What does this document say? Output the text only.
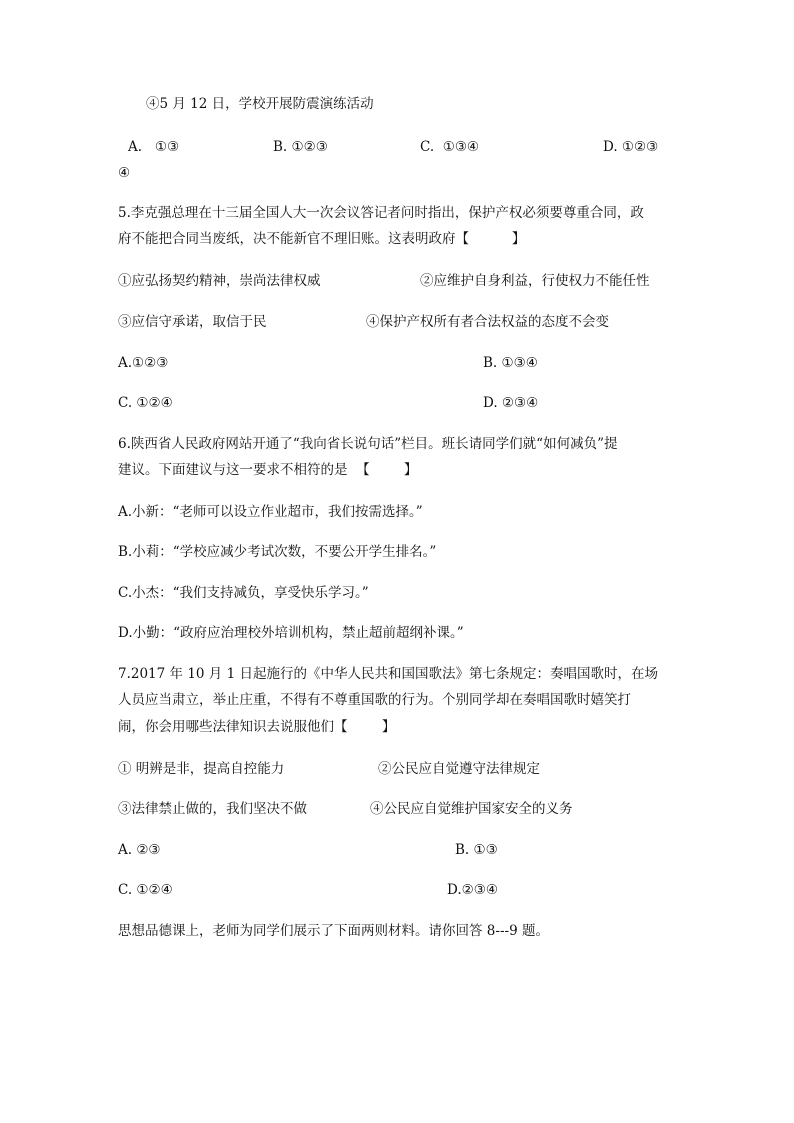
④5 月 12 日，学校开展防震演练活动
A.   ①③	B. ①②③	C.  ①③④	D. ①②③
④
5.李克强总理在十三届全国人大一次会议答记者问时指出，保护产权必须要尊重合同，政
府不能把合同当废纸，决不能新官不理旧账。这表明政府【          】
①应弘扬契约精神，崇尚法律权威	②应维护自身利益，行使权力不能任性
③应信守承诺，取信于民	④保护产权所有者合法权益的态度不会变
A.①②③	B. ①③④
C. ①②④	D. ②③④
6.陕西省人民政府网站开通了“我向省长说句话”栏目。班长请同学们就“如何减负”提
建议。下面建议与这一要求不相符的是  【        】
A.小新：“老师可以设立作业超市，我们按需选择。”
B.小莉：“学校应减少考试次数，不要公开学生排名。”
C.小杰：“我们支持减负，享受快乐学习。”
D.小勤：“政府应治理校外培训机构，禁止超前超纲补课。”
7.2017 年 10 月 1 日起施行的《中华人民共和国国歌法》第七条规定：奏唱国歌时，在场
人员应当肃立，举止庄重，不得有不尊重国歌的行为。个别同学却在奏唱国歌时嬉笑打
闹，你会用哪些法律知识去说服他们【        】
① 明辨是非，提高自控能力	②公民应自觉遵守法律规定
③法律禁止做的，我们坚决不做	④公民应自觉维护国家安全的义务
A. ②③	B. ①③
C. ①②④	D.②③④
思想品德课上，老师为同学们展示了下面两则材料。请你回答 8---9 题。
